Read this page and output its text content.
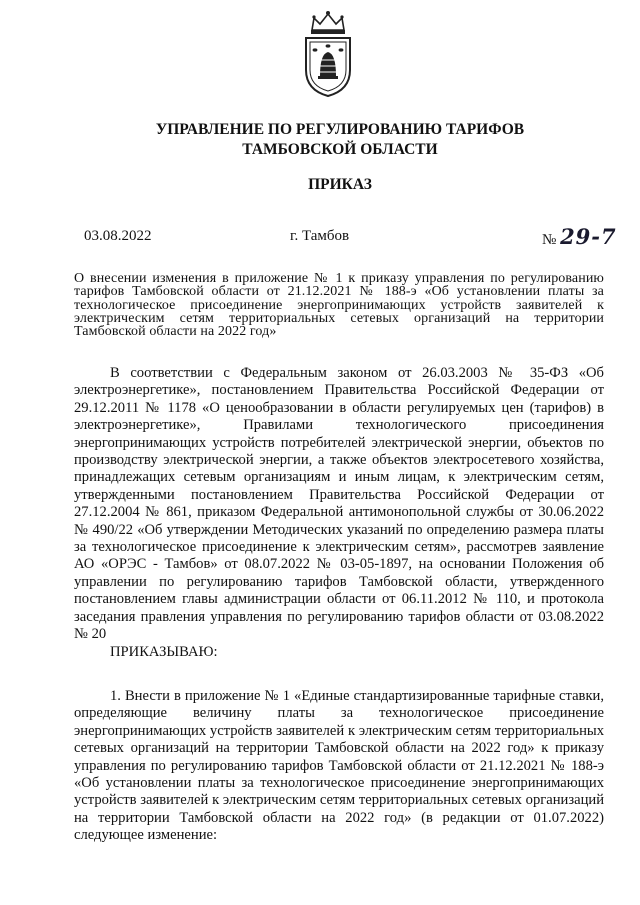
УПРАВЛЕНИЕ ПО РЕГУЛИРОВАНИЮ ТАРИФОВ
ТАМБОВСКОЙ ОБЛАСТИ
ПРИКАЗ
03.08.2022	г. Тамбов	№ 29-7
О внесении изменения в приложение № 1 к приказу управления по регулированию тарифов Тамбовской области от 21.12.2021 № 188-э «Об установлении платы за технологическое присоединение энергопринимающих устройств заявителей к электрическим сетям территориальных сетевых организаций на территории Тамбовской области на 2022 год»
В соответствии с Федеральным законом от 26.03.2003 № 35-ФЗ «Об электроэнергетике», постановлением Правительства Российской Федерации от 29.12.2011 № 1178 «О ценообразовании в области регулируемых цен (тарифов) в электроэнергетике», Правилами технологического присоединения энергопринимающих устройств потребителей электрической энергии, объектов по производству электрической энергии, а также объектов электросетевого хозяйства, принадлежащих сетевым организациям и иным лицам, к электрическим сетям, утвержденными постановлением Правительства Российской Федерации от 27.12.2004 № 861, приказом Федеральной антимонопольной службы от 30.06.2022 № 490/22 «Об утверждении Методических указаний по определению размера платы за технологическое присоединение к электрическим сетям», рассмотрев заявление АО «ОРЭС - Тамбов» от 08.07.2022 № 03-05-1897, на основании Положения об управлении по регулированию тарифов Тамбовской области, утвержденного постановлением главы администрации области от 06.11.2012 № 110, и протокола заседания правления управления по регулированию тарифов области от 03.08.2022 № 20
ПРИКАЗЫВАЮ:
1. Внести в приложение № 1 «Единые стандартизированные тарифные ставки, определяющие величину платы за технологическое присоединение энергопринимающих устройств заявителей к электрическим сетям территориальных сетевых организаций на территории Тамбовской области на 2022 год» к приказу управления по регулированию тарифов Тамбовской области от 21.12.2021 № 188-э «Об установлении платы за технологическое присоединение энергопринимающих устройств заявителей к электрическим сетям территориальных сетевых организаций на территории Тамбовской области на 2022 год» (в редакции от 01.07.2022) следующее изменение:
